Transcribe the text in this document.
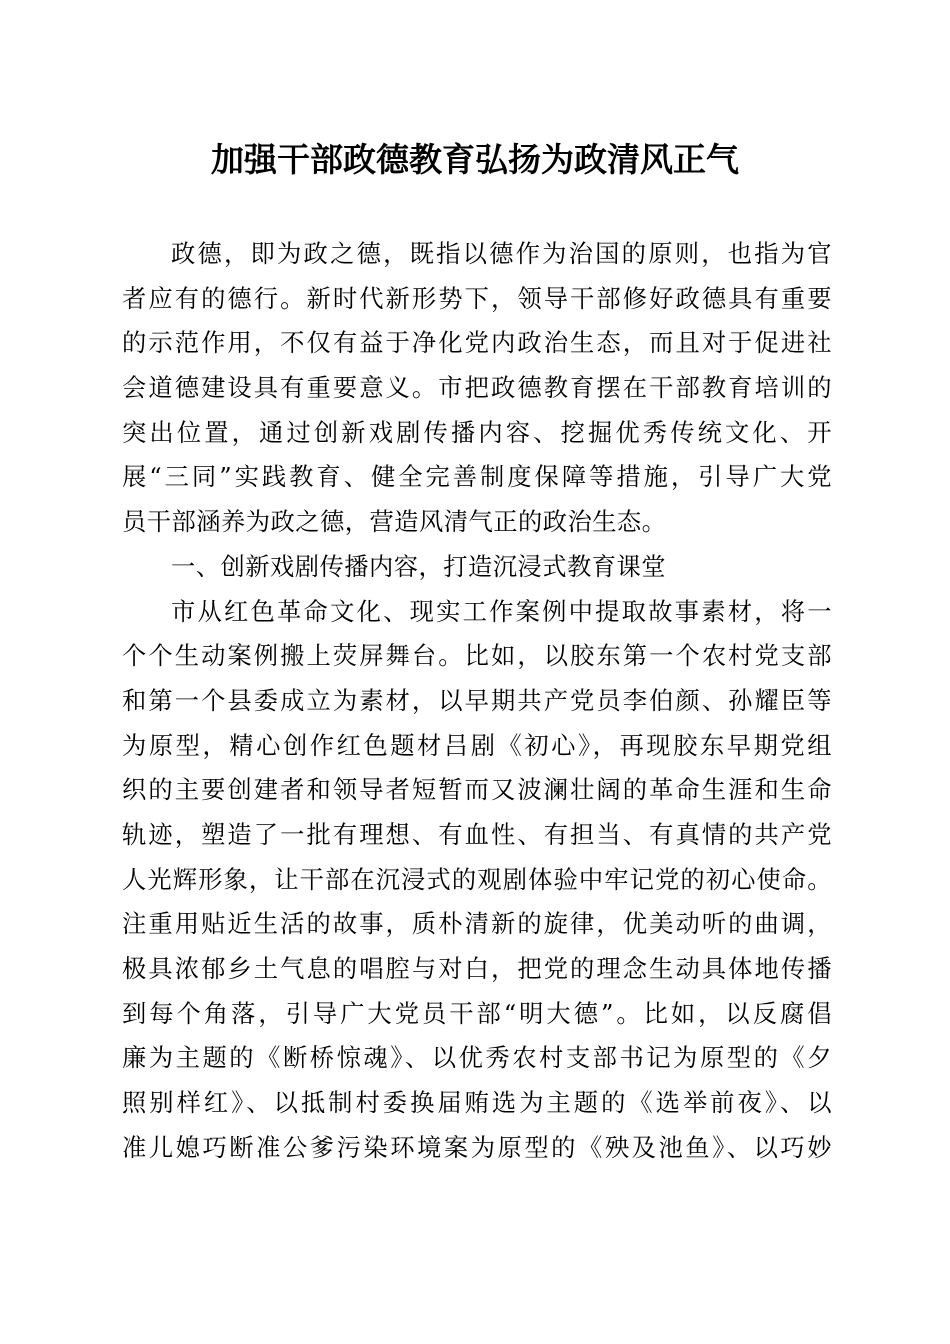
加强干部政德教育弘扬为政清风正气
政德，即为政之德，既指以德作为治国的原则，也指为官
者应有的德行。新时代新形势下，领导干部修好政德具有重要
的示范作用，不仅有益于净化党内政治生态，而且对于促进社
会道德建设具有重要意义。市把政德教育摆在干部教育培训的
突出位置，通过创新戏剧传播内容、挖掘优秀传统文化、开
展“三同”实践教育、健全完善制度保障等措施，引导广大党
员干部涵养为政之德，营造风清气正的政治生态。
一、创新戏剧传播内容，打造沉浸式教育课堂
市从红色革命文化、现实工作案例中提取故事素材，将一
个个生动案例搬上荧屏舞台。比如，以胶东第一个农村党支部
和第一个县委成立为素材，以早期共产党员李伯颜、孙耀臣等
为原型，精心创作红色题材吕剧《初心》，再现胶东早期党组
织的主要创建者和领导者短暂而又波澜壮阔的革命生涯和生命
轨迹，塑造了一批有理想、有血性、有担当、有真情的共产党
人光辉形象，让干部在沉浸式的观剧体验中牢记党的初心使命。
注重用贴近生活的故事，质朴清新的旋律，优美动听的曲调，
极具浓郁乡土气息的唱腔与对白，把党的理念生动具体地传播
到每个角落，引导广大党员干部“明大德”。比如，以反腐倡
廉为主题的《断桥惊魂》、以优秀农村支部书记为原型的《夕
照别样红》、以抵制村委换届贿选为主题的《选举前夜》、以
准儿媳巧断准公爹污染环境案为原型的《殃及池鱼》、以巧妙
